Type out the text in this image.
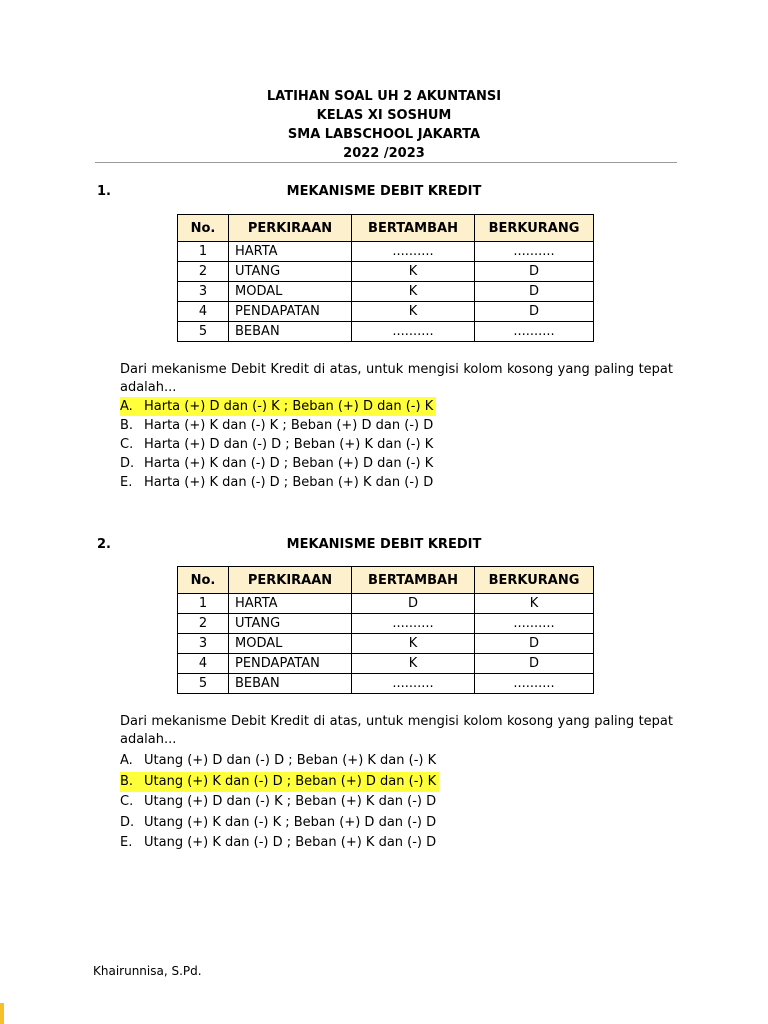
LATIHAN SOAL UH 2 AKUNTANSI
KELAS XI SOSHUM
SMA LABSCHOOL JAKARTA
2022 /2023
1.	MEKANISME DEBIT KREDIT
No.	PERKIRAAN	BERTAMBAH	BERKURANG
1	HARTA	..........	..........
2	UTANG	K	D
3	MODAL	K	D
4	PENDAPATAN	K	D
5	BEBAN	..........	..........
Dari mekanisme Debit Kredit di atas, untuk mengisi kolom kosong yang paling tepat adalah...
A. Harta (+) D dan (-) K ; Beban (+) D dan (-) K
B. Harta (+) K dan (-) K ; Beban (+) D dan (-) D
C. Harta (+) D dan (-) D ; Beban (+) K dan (-) K
D. Harta (+) K dan (-) D ; Beban (+) D dan (-) K
E. Harta (+) K dan (-) D ; Beban (+) K dan (-) D
2.	MEKANISME DEBIT KREDIT
No.	PERKIRAAN	BERTAMBAH	BERKURANG
1	HARTA	D	K
2	UTANG	..........	..........
3	MODAL	K	D
4	PENDAPATAN	K	D
5	BEBAN	..........	..........
Dari mekanisme Debit Kredit di atas, untuk mengisi kolom kosong yang paling tepat adalah...
A. Utang (+) D dan (-) D ; Beban (+) K dan (-) K
B. Utang (+) K dan (-) D ; Beban (+) D dan (-) K
C. Utang (+) D dan (-) K ; Beban (+) K dan (-) D
D. Utang (+) K dan (-) K ; Beban (+) D dan (-) D
E. Utang (+) K dan (-) D ; Beban (+) K dan (-) D
Khairunnisa, S.Pd.
